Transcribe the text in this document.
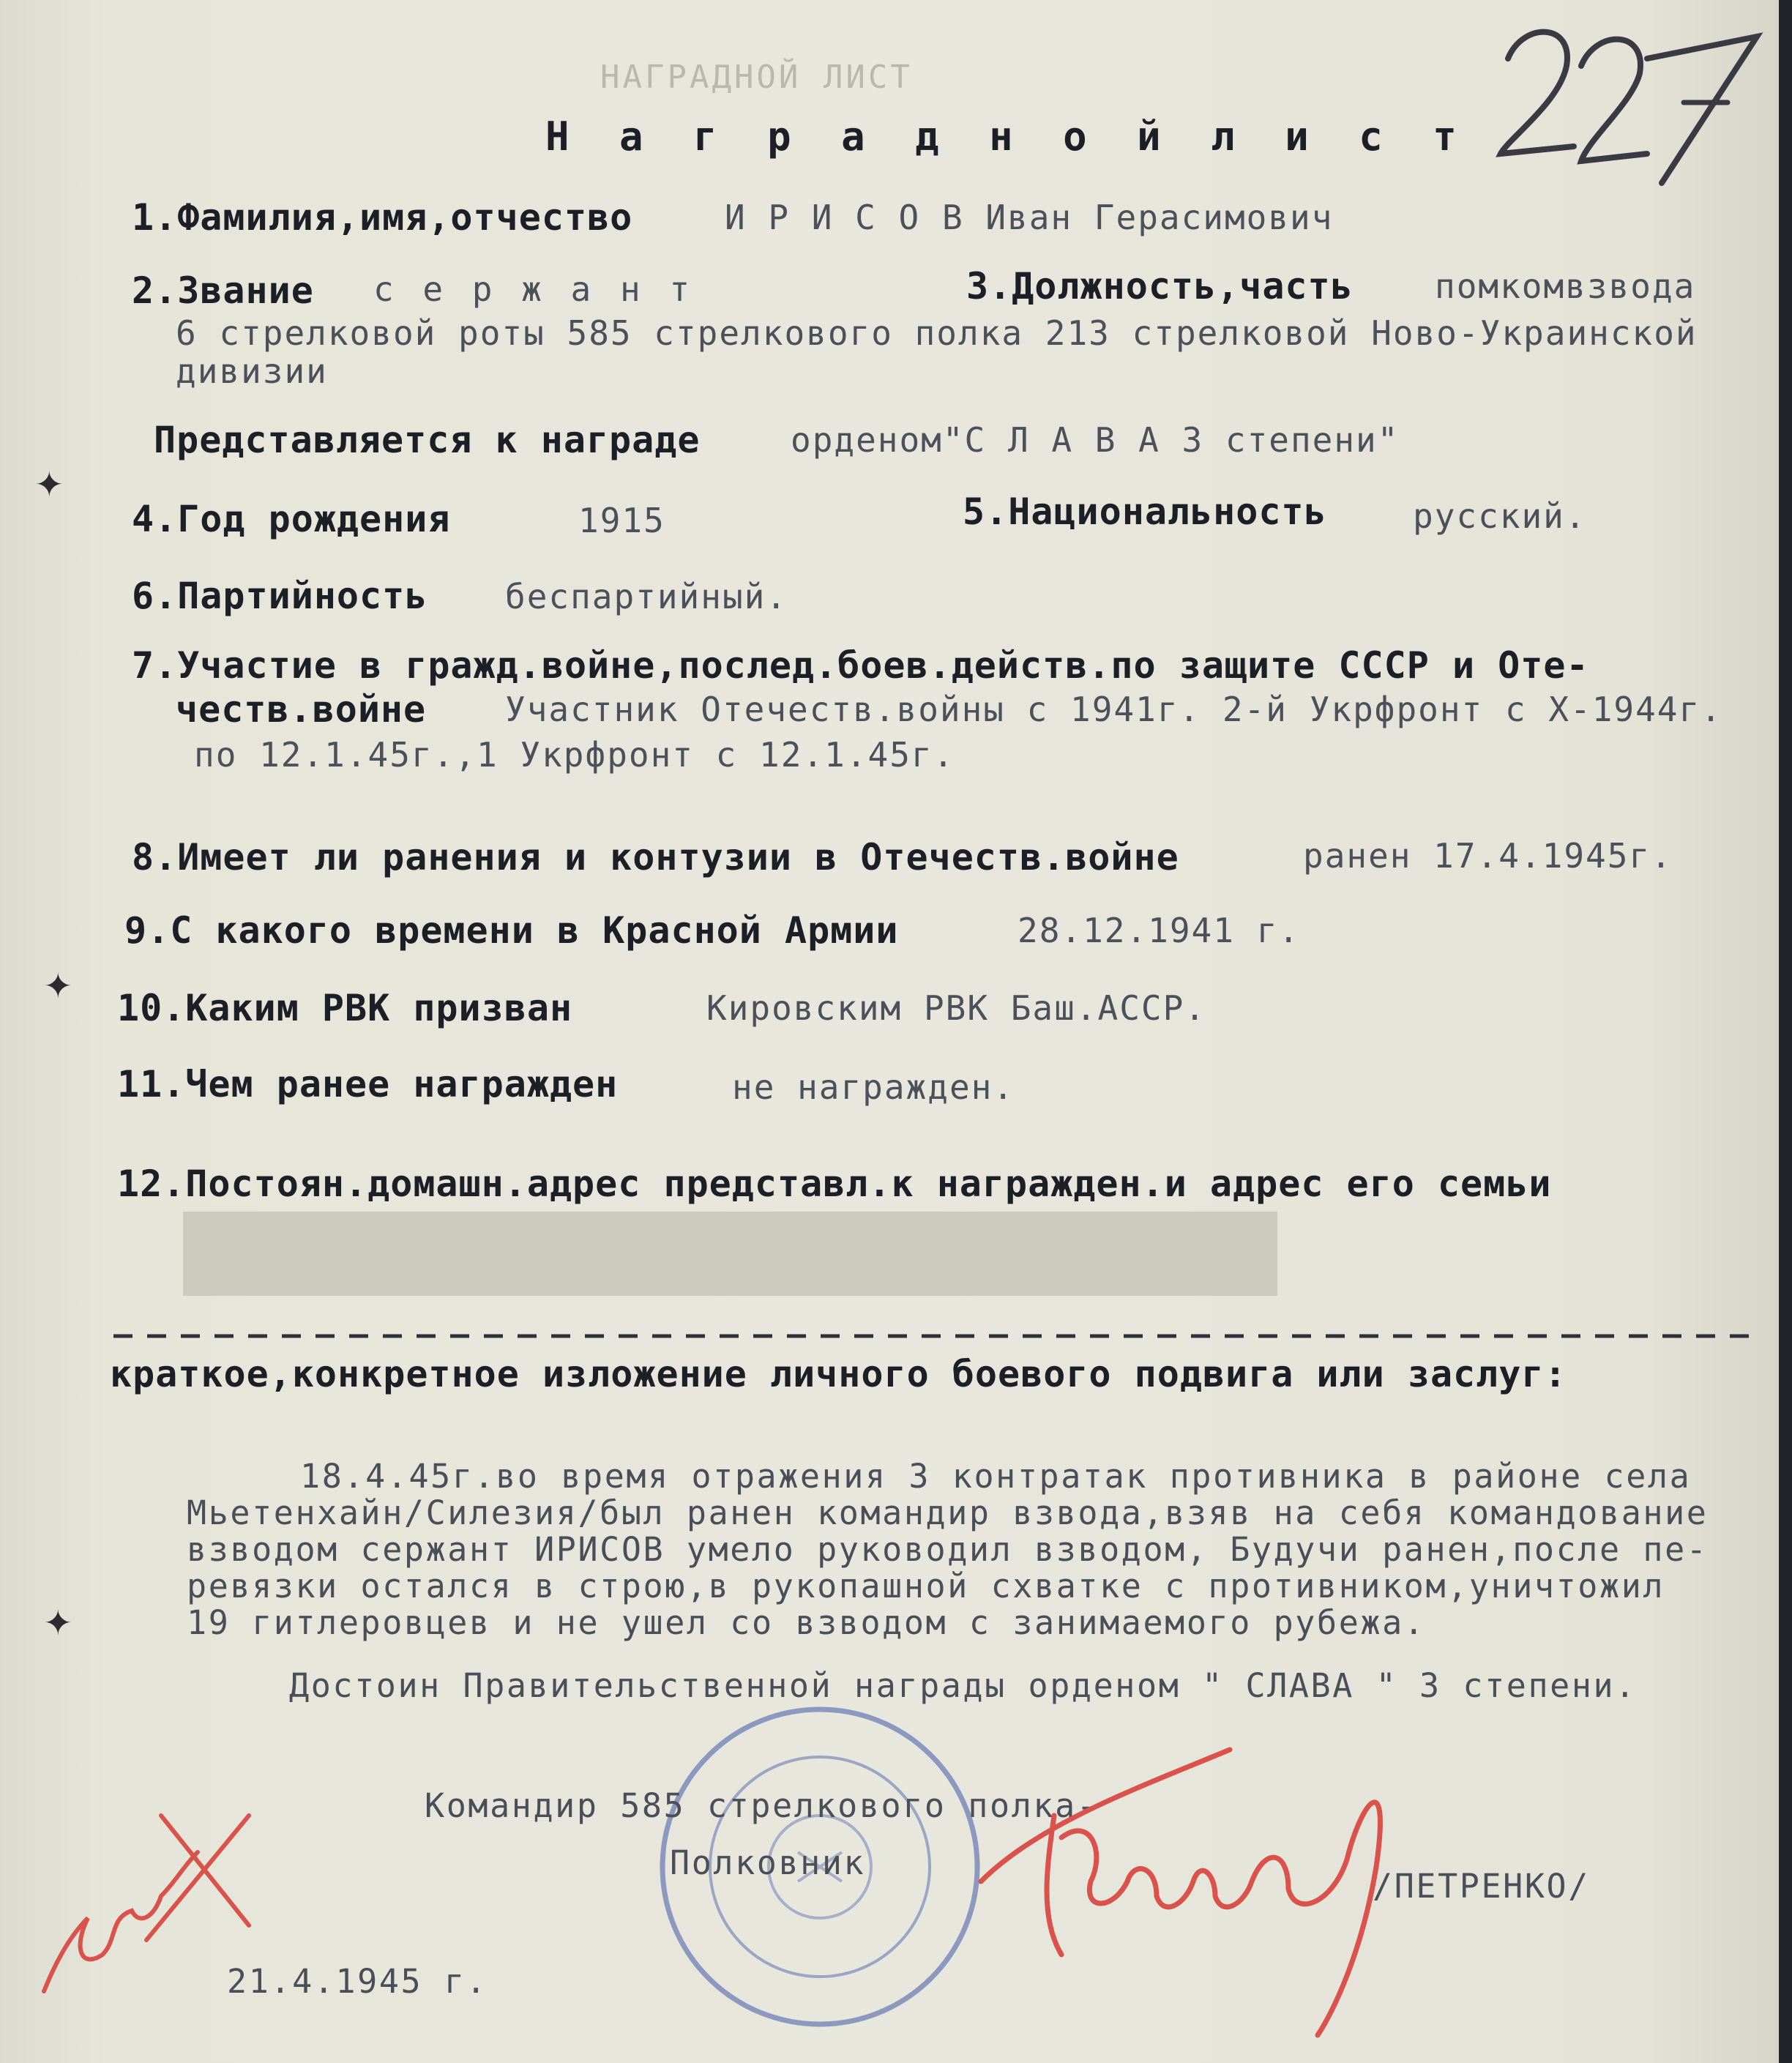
НАГРАДНОЙ ЛИСТ
Н а г р а д н о й л и с т
1.Фамилия,имя,отчество	И Р И С О В Иван Герасимович
2.Звание с е р ж а н т	3.Должность,часть помкомвзвода
6 стрелковой роты 585 стрелкового полка 213 стрелковой Ново-Украинской
дивизии
Представляется к награде	орденом"С Л А В А 3 степени"
4.Год рождения	1915	5.Национальность	русский.
6.Партийность беспартийный.
7.Участие в гражд.войне,послед.боев.действ.по защите СССР и Оте-
честв.войне Участник Отечеств.войны с 1941г. 2-й Укрфронт с X-1944г.
по 12.1.45г.,1 Укрфронт с 12.1.45г.
8.Имеет ли ранения и контузии в Отечеств.войне	ранен 17.4.1945г.
9.С какого времени в Красной Армии	28.12.1941 г.
10.Каким РВК призван	Кировским РВК Баш.АССР.
11.Чем ранее награжден	не награжден.
12.Постоян.домашн.адрес представл.к награжден.и адрес его семьи
краткое,конкретное изложение личного боевого подвига или заслуг:
18.4.45г.во время отражения 3 контратак противника в районе села
Мьетенхайн/Силезия/был ранен командир взвода,взяв на себя командование
взводом сержант ИРИСОВ умело руководил взводом, Будучи ранен,после пе-
ревязки остался в строю,в рукопашной схватке с противником,уничтожил
19 гитлеровцев и не ушел со взводом с занимаемого рубежа.
Достоин Правительственной награды орденом " СЛАВА " 3 степени.
Командир 585 стрелкового полка-
Полковник
/ПЕТРЕНКО/
21.4.1945 г.
✦
✦
✦
